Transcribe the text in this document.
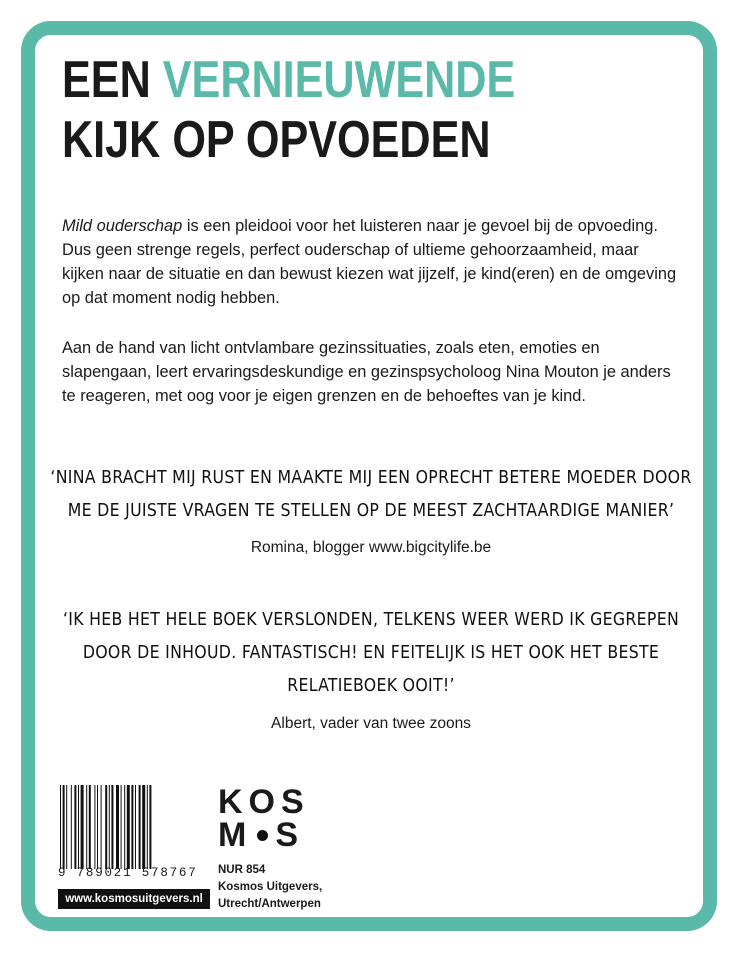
EEN VERNIEUWENDE
KIJK OP OPVOEDEN

Mild ouderschap is een pleidooi voor het luisteren naar je gevoel bij de opvoeding. Dus geen strenge regels, perfect ouderschap of ultieme gehoorzaamheid, maar kijken naar de situatie en dan bewust kiezen wat jijzelf, je kind(eren) en de omgeving op dat moment nodig hebben.

Aan de hand van licht ontvlambare gezinssituaties, zoals eten, emoties en slapengaan, leert ervaringsdeskundige en gezinspsycholoog Nina Mouton je anders te reageren, met oog voor je eigen grenzen en de behoeftes van je kind.

‘NINA BRACHT MIJ RUST EN MAAKTE MIJ EEN OPRECHT BETERE MOEDER DOOR
ME DE JUISTE VRAGEN TE STELLEN OP DE MEEST ZACHTAARDIGE MANIER’
Romina, blogger www.bigcitylife.be
‘IK HEB HET HELE BOEK VERSLONDEN, TELKENS WEER WERD IK GEGREPEN
DOOR DE INHOUD. FANTASTISCH! EN FEITELIJK IS HET OOK HET BESTE
RELATIEBOEK OOIT!’
Albert, vader van twee zoons
9 789021 578767
www.kosmosuitgevers.nl
KOS
M S
NUR 854
Kosmos Uitgevers,
Utrecht/Antwerpen
